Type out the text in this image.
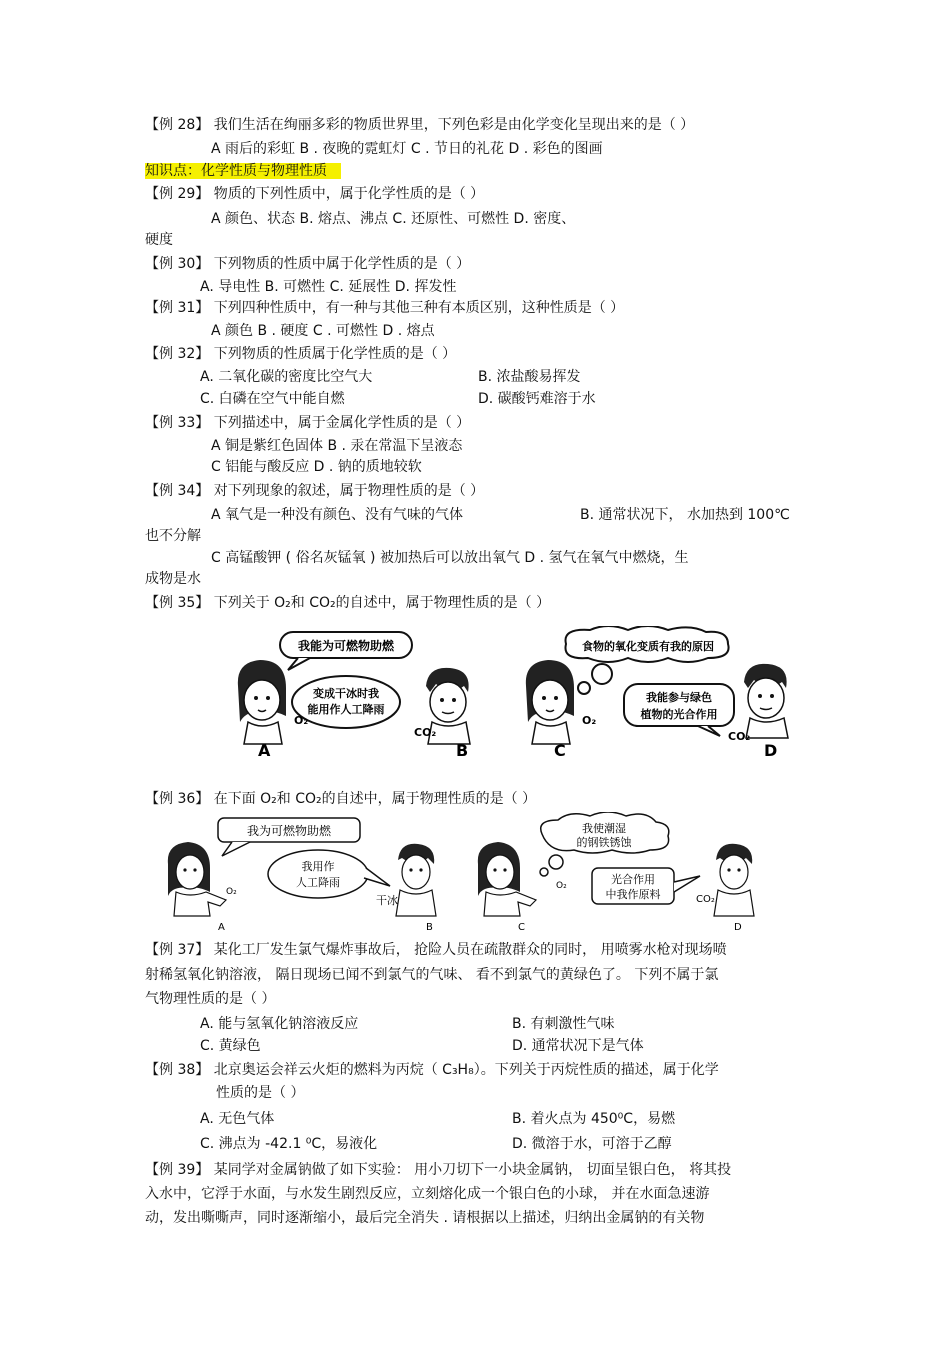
【例 28】 我们生活在绚丽多彩的物质世界里，下列色彩是由化学变化呈现出来的是（ ）
A 雨后的彩虹 B . 夜晚的霓虹灯 C . 节日的礼花 D . 彩色的图画
知识点：化学性质与物理性质
【例 29】 物质的下列性质中，属于化学性质的是（ ）
A 颜色、状态 B. 熔点、沸点 C. 还原性、可燃性 D. 密度、
硬度
【例 30】 下列物质的性质中属于化学性质的是（ ）
A. 导电性 B. 可燃性 C. 延展性 D. 挥发性
【例 31】 下列四种性质中，有一种与其他三种有本质区别，这种性质是（ ）
A 颜色 B . 硬度 C . 可燃性 D . 熔点
【例 32】 下列物质的性质属于化学性质的是（ ）
A. 二氧化碳的密度比空气大	B. 浓盐酸易挥发
C. 白磷在空气中能自燃	D. 碳酸钙难溶于水
【例 33】 下列描述中，属于金属化学性质的是（ ）
A 铜是紫红色固体 B . 汞在常温下呈液态
C 铝能与酸反应 D . 钠的质地较软
【例 34】 对下列现象的叙述，属于物理性质的是（ ）
A 氧气是一种没有颜色、没有气味的气体	B. 通常状况下， 水加热到 100℃
也不分解
C 高锰酸钾 ( 俗名灰锰氧 ) 被加热后可以放出氧气 D . 氢气在氧气中燃烧，生
成物是水
【例 35】 下列关于 O₂和 CO₂的自述中，属于物理性质的是（ ）
我能为可燃物助燃
变成干冰时我
能用作人工降雨
O₂
CO₂
A	B
食物的氧化变质有我的原因
我能参与绿色
植物的光合作用
O₂
CO₂
C	D
【例 36】 在下面 O₂和 CO₂的自述中，属于物理性质的是（ ）
我为可燃物助燃
我用作
人工降雨
O₂
干冰
A	B
我使潮湿
的钢铁锈蚀
光合作用
中我作原料
O₂
CO₂
C	D
【例 37】 某化工厂发生氯气爆炸事故后， 抢险人员在疏散群众的同时， 用喷雾水枪对现场喷
射稀氢氧化钠溶液， 隔日现场已闻不到氯气的气味、 看不到氯气的黄绿色了。 下列不属于氯
气物理性质的是（ ）
A. 能与氢氧化钠溶液反应	B. 有刺激性气味
C. 黄绿色	D. 通常状况下是气体
【例 38】 北京奥运会祥云火炬的燃料为丙烷（ C₃H₈）。下列关于丙烷性质的描述，属于化学
性质的是（ ）
A. 无色气体	B. 着火点为 450⁰C，易燃
C. 沸点为 -42.1 ⁰C，易液化	D. 微溶于水，可溶于乙醇
【例 39】 某同学对金属钠做了如下实验： 用小刀切下一小块金属钠， 切面呈银白色， 将其投
入水中，它浮于水面，与水发生剧烈反应，立刻熔化成一个银白色的小球， 并在水面急速游
动，发出嘶嘶声，同时逐渐缩小，最后完全消失 . 请根据以上描述，归纳出金属钠的有关物
